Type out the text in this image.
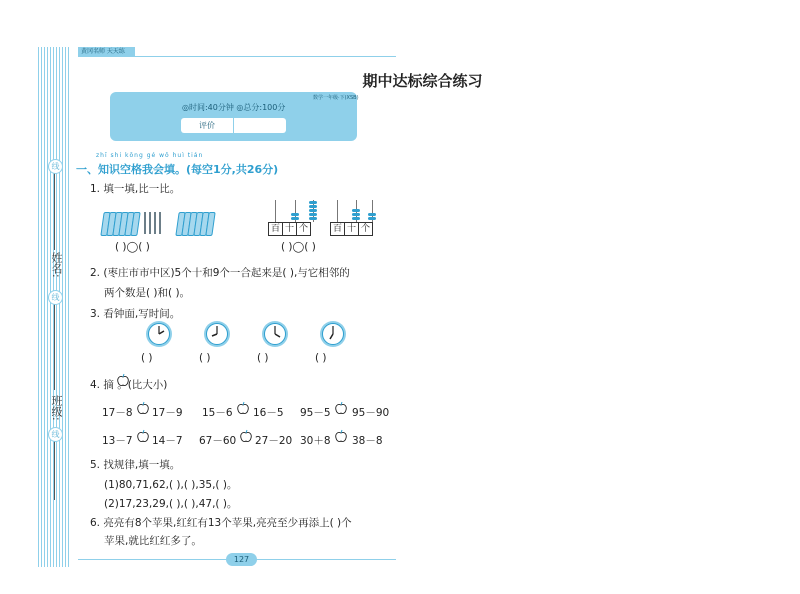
姓名:
班级:
线
线
线
黄冈名师 天天练
期中达标综合练习
数学一年级·下(XSB)
◎时间:40分钟 ◎总分:100分
评价
zhī shi kōng gé wǒ huì tián
一、知识空格我会填。(每空1分,共26分)
1. 填一填,比一比。
( )◯( )
百 十 个	百 十 个
( )◯( )
2. (枣庄市市中区)5个十和9个一合起来是( ),与它相邻的
两个数是( )和( )。
3. 看钟面,写时间。
( )	( )	( )	( )
4. 摘 。(比大小)
17－8 17－9 15－6 16－5 95－5 95－90
13－7 14－7 67－60 27－20 30＋8 38－8
5. 找规律,填一填。
(1)80,71,62,( ),( ),35,( )。
(2)17,23,29,( ),( ),47,( )。
6. 亮亮有8个苹果,红红有13个苹果,亮亮至少再添上( )个
苹果,就比红红多了。
127
